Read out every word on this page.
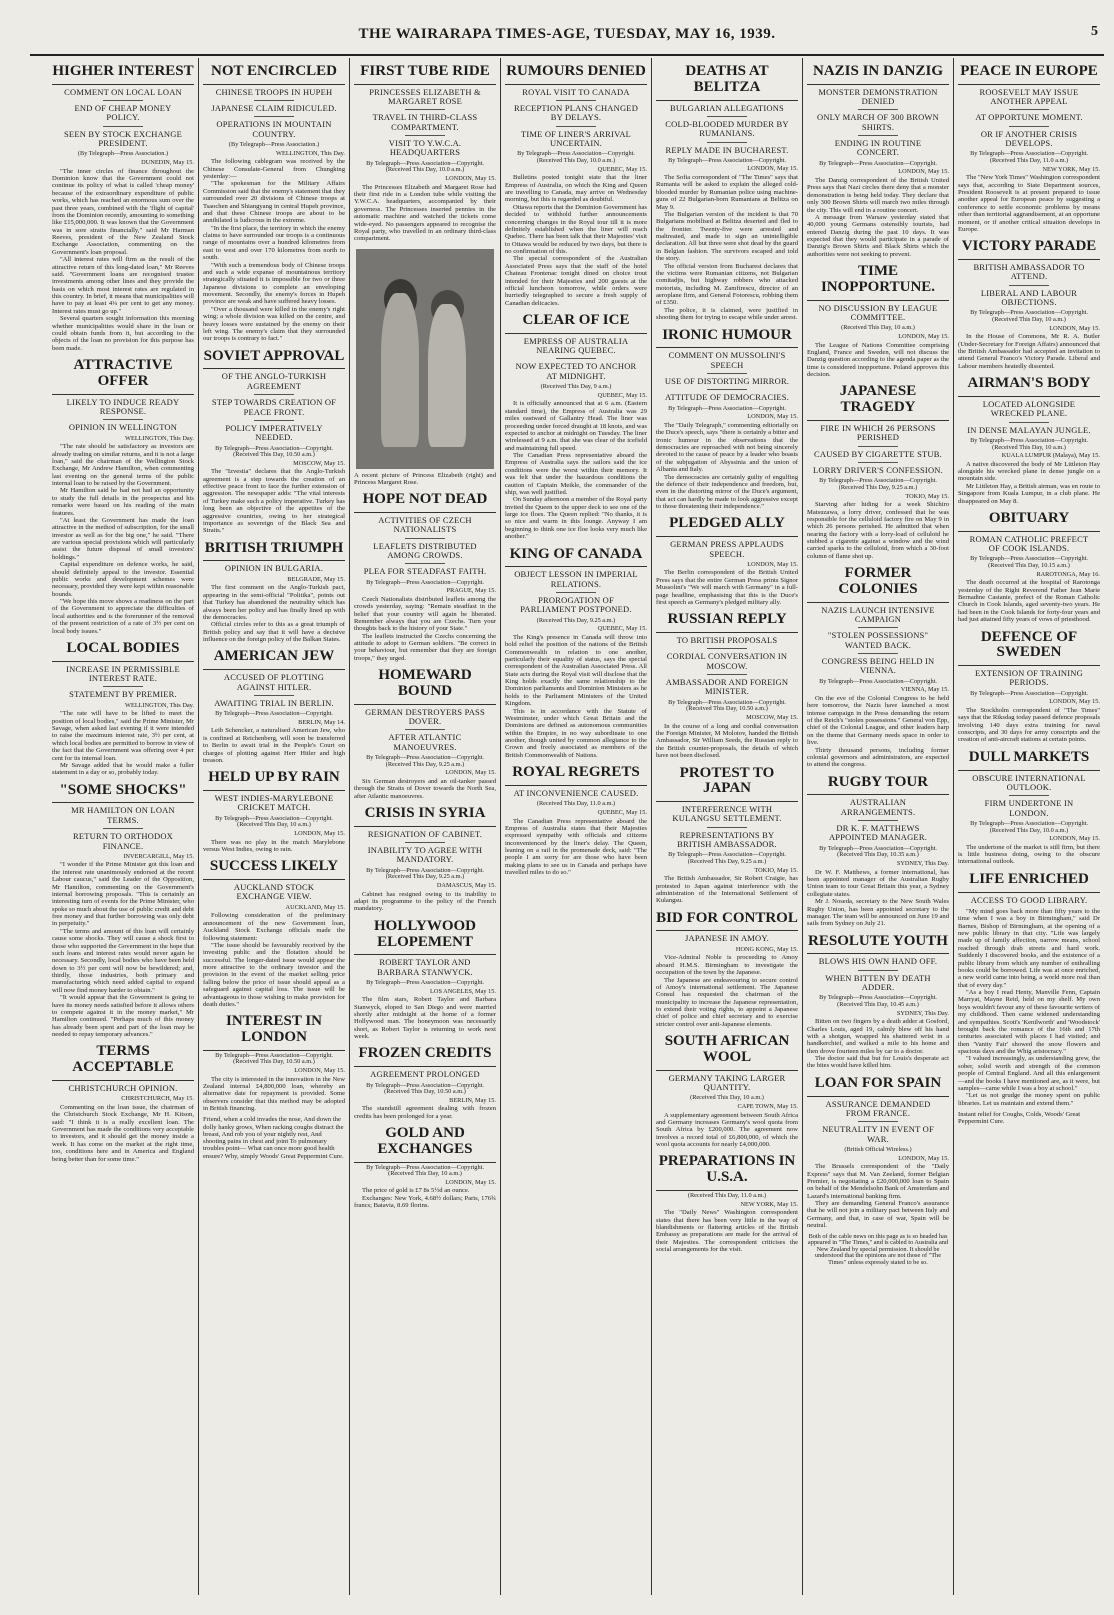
THE WAIRARAPA TIMES-AGE, TUESDAY, MAY 16, 1939.	5
HIGHER INTEREST
COMMENT ON LOCAL LOAN
END OF CHEAP MONEY POLICY.
SEEN BY STOCK EXCHANGE PRESIDENT.
(By Telegraph—Press Association.)
DUNEDIN, May 15.

"The inner circles of finance throughout the Dominion know that the Government could not continue its policy of what is called 'cheap money' because of the extraordinary expenditure of public works, which has reached an enormous sum over the past three years, combined with the 'flight of capital' from the Dominion recently, amounting to something like £15,000,000. It was known that the Government was in sore straits financially," said Mr Harman Reeves, president of the New Zealand Stock Exchange Association, commenting on the Government's loan proposal.

"All interest rates will firm as the result of the attractive return of this long-dated loan," Mr Reeves said. "Government loans are recognised trustee investments among other lines and they provide the basis on which most interest rates are regulated in this country. In brief, it means that municipalities will have to pay at least 4¼ per cent to get any money. Interest rates must go up."

Several quarters sought information this morning whether municipalities would share in the loan or could obtain funds from it, but according to the objects of the loan no provision for this purpose has been made.

ATTRACTIVE OFFER
LIKELY TO INDUCE READY RESPONSE.
OPINION IN WELLINGTON
WELLINGTON, This Day.

"The rate should be satisfactory as investors are already trading on similar returns, and it is not a large loan," said the chairman of the Wellington Stock Exchange, Mr Andrew Hamilton, when commenting last evening on the general terms of the public internal loan to be raised by the Government.

Mr Hamilton said he had not had an opportunity to study the full details in the prospectus and his remarks were based on his reading of the main features.

"At least the Government has made the loan attractive in the method of subscription, for the small investor as well as for the big one," he said. "There are various special provisions which will particularly assist the future disposal of small investors' holdings."

Capital expenditure on defence works, he said, should definitely appeal to the investor. Essential public works and development schemes were necessary, provided they were kept within reasonable bounds.

"We hope this move shows a readiness on the part of the Government to appreciate the difficulties of local authorities and is the forerunner of the removal of the present restriction of a rate of 3½ per cent on local body issues."

LOCAL BODIES
INCREASE IN PERMISSIBLE INTEREST RATE.
STATEMENT BY PREMIER.
WELLINGTON, This Day.

"The rate will have to be lifted to meet the position of local bodies," said the Prime Minister, Mr Savage, when asked last evening if it were intended to raise the maximum interest rate, 3½ per cent, at which local bodies are permitted to borrow in view of the fact that the Government was offering over 4 per cent for its internal loan.

Mr Savage added that he would make a fuller statement in a day or so, probably today.

"SOME SHOCKS"
MR HAMILTON ON LOAN TERMS.
RETURN TO ORTHODOX FINANCE.
INVERCARGILL, May 15.

"I wonder if the Prime Minister got this loan and the interest rate unanimously endorsed at the recent Labour caucus," said the Leader of the Opposition, Mr Hamilton, commenting on the Government's internal borrowing proposals. "This is certainly an interesting turn of events for the Prime Minister, who spoke so much about the use of public credit and debt free money and that further borrowing was only debt in perpetuity."

"The terms and amount of this loan will certainly cause some shocks. They will cause a shock first to those who supported the Government in the hope that such loans and interest rates would never again be necessary. Secondly, local bodies who have been held down to 3½ per cent will now be bewildered; and, thirdly, those industries, both primary and manufacturing which need added capital to expand will now find money harder to obtain."

"It would appear that the Government is going to have its money needs satisfied before it allows others to compete against it in the money market," Mr Hamilton continued. "Perhaps much of this money has already been spent and part of the loan may be needed to repay temporary advances."

TERMS ACCEPTABLE
CHRISTCHURCH OPINION.
CHRISTCHURCH, May 15.

Commenting on the loan issue, the chairman of the Christchurch Stock Exchange, Mr H. Kitson, said: "I think it is a really excellent loan. The Government has made the conditions very acceptable to investors, and it should get the money inside a week. It has come on the market at the right time, too, conditions here and in America and England being better than for some time."

NOT ENCIRCLED
CHINESE TROOPS IN HUPEH
JAPANESE CLAIM RIDICULED.
OPERATIONS IN MOUNTAIN COUNTRY.
(By Telegraph—Press Association.)
WELLINGTON, This Day.

The following cablegram was received by the Chinese Consulate-General from Chungking yesterday:—

"The spokesman for the Military Affairs Commission said that the enemy's statement that they surrounded over 20 divisions of Chinese troops at Tsaochen and Shiangyang in central Hupeh province, and that these Chinese troops are about to be annihilated is ludicrous in the extreme.

"In the first place, the territory in which the enemy claims to have surrounded our troops is a continuous range of mountains over a hundred kilometres from east to west and over 170 kilometres from north to south.

"With such a tremendous body of Chinese troops and such a wide expanse of mountainous territory strategically situated it is impossible for two or three Japanese divisions to complete an enveloping movement. Secondly, the enemy's forces in Hupeh province are weak and have suffered heavy losses.

"Over a thousand were killed in the enemy's right wing; a whole division was killed on the centre, and heavy losses were sustained by the enemy on their left wing. The enemy's claim that they surrounded our troops is contrary to fact."

SOVIET APPROVAL
OF THE ANGLO-TURKISH AGREEMENT
STEP TOWARDS CREATION OF PEACE FRONT.
POLICY IMPERATIVELY NEEDED.
By Telegraph—Press Association—Copyright. (Received This Day, 10.50 a.m.)
MOSCOW, May 15.

The "Izvestia" declares that the Anglo-Turkish agreement is a step towards the creation of an effective peace front to face the further extension of aggression. The newspaper adds: "The vital interests of Turkey make such a policy imperative. Turkey has long been an objective of the appetites of the aggressive countries, owing to her strategical importance as sovereign of the Black Sea and Straits."

BRITISH TRIUMPH
OPINION IN BULGARIA.
BELGRADE, May 15.

The first comment on the Anglo-Turkish pact, appearing in the semi-official "Politika", points out that Turkey has abandoned the neutrality which has always been her policy and has finally lined up with the democracies.

Official circles refer to this as a great triumph of British policy and say that it will have a decisive influence on the foreign policy of the Balkan States.

AMERICAN JEW
ACCUSED OF PLOTTING AGAINST HITLER.
AWAITING TRIAL IN BERLIN.
By Telegraph—Press Association—Copyright.
BERLIN, May 14.

Leib Schencker, a naturalised American Jew, who is confined at Reichenberg, will soon be transferred to Berlin to await trial in the People's Court on charges of plotting against Herr Hitler and high treason.

HELD UP BY RAIN
WEST INDIES-MARYLEBONE CRICKET MATCH.
By Telegraph—Press Association—Copyright. (Received This Day, 10 a.m.)
LONDON, May 15.

There was no play in the match Marylebone versus West Indies, owing to rain.

SUCCESS LIKELY
AUCKLAND STOCK EXCHANGE VIEW.
AUCKLAND, May 15.

Following consideration of the preliminary announcement of the new Government loan, Auckland Stock Exchange officials made the following statement:

"The issue should be favourably received by the investing public and the flotation should be successful. The longer-dated issue would appear the more attractive to the ordinary investor and the provision in the event of the market selling price falling below the price of issue should appeal as a safeguard against capital loss. The issue will be advantageous to those wishing to make provision for death duties."

INTEREST IN LONDON
By Telegraph—Press Association—Copyright. (Received This Day, 10.50 a.m.)
LONDON, May 15.

The city is interested in the innovation in the New Zealand internal £4,800,000 loan, whereby an alternative date for repayment is provided. Some observers consider that this method may be adopted in British financing.

Friend, when a cold invades the nose, And down the dolly hanky grows, When racking coughs distract the breast, And rob you of your nightly rest, And shooting pains in chest and joint To pulmonary troubles point— What can once more good health ensure? Why, simply Woods' Great Peppermint Cure.
FIRST TUBE RIDE
PRINCESSES ELIZABETH & MARGARET ROSE
TRAVEL IN THIRD-CLASS COMPARTMENT.
VISIT TO Y.W.C.A. HEADQUARTERS
By Telegraph—Press Association—Copyright. (Received This Day, 10.0 a.m.)
LONDON, May 15.

The Princesses Elizabeth and Margaret Rose had their first ride in a London tube while visiting the Y.W.C.A. headquarters, accompanied by their governess. The Princesses inserted pennies in the automatic machine and watched the tickets come wide-eyed. No passengers appeared to recognise the Royal party, who travelled in an ordinary third-class compartment.

A recent picture of Princess Elizabeth (right) and Princess Margaret Rose.
HOPE NOT DEAD
ACTIVITIES OF CZECH NATIONALISTS
LEAFLETS DISTRIBUTED AMONG CROWDS.
PLEA FOR STEADFAST FAITH.
By Telegraph—Press Association—Copyright.
PRAGUE, May 15.

Czech Nationalists distributed leaflets among the crowds yesterday, saying: "Remain steadfast in the belief that your country will again be liberated. Remember always that you are Czechs. Turn your thoughts back to the history of your State."

The leaflets instructed the Czechs concerning the attitude to adopt to German soldiers. "Be correct in your behaviour, but remember that they are foreign troops," they urged.

HOMEWARD BOUND
GERMAN DESTROYERS PASS DOVER.
AFTER ATLANTIC MANOEUVRES.
By Telegraph—Press Association—Copyright. (Received This Day, 9.25 a.m.)
LONDON, May 15.

Six German destroyers and an oil-tanker passed through the Straits of Dover towards the North Sea, after Atlantic manoeuvres.

CRISIS IN SYRIA
RESIGNATION OF CABINET.
INABILITY TO AGREE WITH MANDATORY.
By Telegraph—Press Association—Copyright. (Received This Day, 9.25 a.m.)
DAMASCUS, May 15.

Cabinet has resigned owing to its inability to adapt its programme to the policy of the French mandatory.

HOLLYWOOD ELOPEMENT
ROBERT TAYLOR AND BARBARA STANWYCK.
By Telegraph—Press Association—Copyright.
LOS ANGELES, May 15.

The film stars, Robert Taylor and Barbara Stanwyck, eloped to San Diego and were married shortly after midnight at the home of a former Hollywood man. The honeymoon was necessarily short, as Robert Taylor is returning to work next week.

FROZEN CREDITS
AGREEMENT PROLONGED
By Telegraph—Press Association—Copyright. (Received This Day, 10.50 a.m.)
BERLIN, May 15.

The standstill agreement dealing with frozen credits has been prolonged for a year.

GOLD AND EXCHANGES
By Telegraph—Press Association—Copyright. (Received This Day, 10 a.m.)
LONDON, May 15.

The price of gold is £7 8s 5½d an ounce.

Exchanges: New York, 4.68½ dollars; Paris, 176¾ francs; Batavia, 8.69 florins.

RUMOURS DENIED
ROYAL VISIT TO CANADA
RECEPTION PLANS CHANGED BY DELAYS.
TIME OF LINER'S ARRIVAL UNCERTAIN.
By Telegraph—Press Association—Copyright. (Received This Day, 10.0 a.m.)
QUEBEC, May 15.

Bulletins posted tonight state that the liner Empress of Australia, on which the King and Queen are travelling to Canada, may arrive on Wednesday morning, but this is regarded as doubtful.

Ottawa reports that the Dominion Government has decided to withhold further announcements concerning changes in the Royal tour till it is more definitely established when the liner will reach Quebec. There has been talk that their Majesties' visit to Ottawa would be reduced by two days, but there is no confirmation of this.

The special correspondent of the Australian Associated Press says that the staff of the hotel Chateau Frontenac tonight dined on choice trout intended for their Majesties and 200 guests at the official luncheon tomorrow, while orders were hurriedly telegraphed to secure a fresh supply of Canadian delicacies.

CLEAR OF ICE
EMPRESS OF AUSTRALIA NEARING QUEBEC.
NOW EXPECTED TO ANCHOR AT MIDNIGHT.
(Received This Day, 9 a.m.)
QUEBEC, May 15.

It is officially announced that at 6 a.m. (Eastern standard time), the Empress of Australia was 29 miles eastward of Gallantry Head. The liner was proceeding under forced draught at 18 knots, and was expected to anchor at midnight on Tuesday. The liner wirelessed at 9 a.m. that she was clear of the icefield and maintaining full speed.

The Canadian Press representative aboard the Empress of Australia says the sailors said the ice conditions were the worst within their memory. It was felt that under the hazardous conditions the caution of Captain Meikle, the commander of the ship, was well justified.

On Sunday afternoon a member of the Royal party invited the Queen to the upper deck to see one of the large ice floes. The Queen replied: "No thanks, it is so nice and warm in this lounge. Anyway I am beginning to think one ice floe looks very much like another."

KING OF CANADA
OBJECT LESSON IN IMPERIAL RELATIONS.
PROROGATION OF PARLIAMENT POSTPONED.
(Received This Day, 9.25 a.m.)
QUEBEC, May 15.

The King's presence in Canada will throw into bold relief the position of the nations of the British Commonwealth in relation to one another, particularly their equality of status, says the special correspondent of the Australian Associated Press. All State acts during the Royal visit will disclose that the King holds exactly the same relationship to the Dominion parliaments and Dominion Ministers as he holds to the Parliament Ministers of the United Kingdom.

This is in accordance with the Statute of Westminster, under which Great Britain and the Dominions are defined as autonomous communities within the Empire, in no way subordinate to one another, though united by common allegiance to the Crown and freely associated as members of the British Commonwealth of Nations.

ROYAL REGRETS
AT INCONVENIENCE CAUSED.
(Received This Day, 11.0 a.m.)
QUEBEC, May 15.

The Canadian Press representative aboard the Empress of Australia states that their Majesties expressed sympathy with officials and citizens inconvenienced by the liner's delay. The Queen, leaning on a rail in the promenade deck, said: "The people I am sorry for are those who have been making plans to see us in Canada and perhaps have travelled miles to do so."

DEATHS AT BELITZA
BULGARIAN ALLEGATIONS
COLD-BLOODED MURDER BY RUMANIANS.
REPLY MADE IN BUCHAREST.
By Telegraph—Press Association—Copyright.
LONDON, May 15.

The Sofia correspondent of "The Times" says that Rumania will be asked to explain the alleged cold-blooded murder by Rumanian police using machine-guns of 22 Bulgarian-born Rumanians at Belitza on May 9.

The Bulgarian version of the incident is that 70 Bulgarians mobilised at Belitza deserted and fled to the frontier. Twenty-five were arrested and maltreated, and made to sign an unintelligible declaration. All but three were shot dead by the guard in Belgian fashion. The survivors escaped and told the story.

The official version from Bucharest declares that the victims were Rumanian citizens, not Bulgarian comitadjis, but highway robbers who attacked motorists, including M. Zamfirescu, director of an aeroplane firm, and General Fotorescu, robbing them of £350.

The police, it is claimed, were justified in shooting them for trying to escape while under arrest.

IRONIC HUMOUR
COMMENT ON MUSSOLINI'S SPEECH
USE OF DISTORTING MIRROR.
ATTITUDE OF DEMOCRACIES.
By Telegraph—Press Association—Copyright.
LONDON, May 15.

The "Daily Telegraph," commenting editorially on the Duce's speech, says "there is certainly a bitter and ironic humour in the observations that the democracies are reproached with not being sincerely devoted to the cause of peace by a leader who boasts of the subjugation of Abyssinia and the union of Albania and Italy.

The democracies are certainly guilty of engulfing the defence of their independence and freedom, but, even in the distorting mirror of the Duce's argument, that act can hardly be made to look aggressive except to those threatening their independence."

PLEDGED ALLY
GERMAN PRESS APPLAUDS SPEECH.
LONDON, May 15.

The Berlin correspondent of the British United Press says that the entire German Press prints Signor Mussolini's "We will march with Germany" in a full-page headline, emphasising that this is the Duce's first speech as Germany's pledged military ally.

RUSSIAN REPLY
TO BRITISH PROPOSALS
CORDIAL CONVERSATION IN MOSCOW.
AMBASSADOR AND FOREIGN MINISTER.
By Telegraph—Press Association—Copyright. (Received This Day, 10.50 a.m.)
MOSCOW, May 15.

In the course of a long and cordial conversation the Foreign Minister, M Molotov, handed the British Ambassador, Sir William Seeds, the Russian reply to the British counter-proposals, the details of which have not been disclosed.

PROTEST TO JAPAN
INTERFERENCE WITH KULANGSU SETTLEMENT.
REPRESENTATIONS BY BRITISH AMBASSADOR.
By Telegraph—Press Association—Copyright. (Received This Day, 9.25 a.m.)
TOKIO, May 15.

The British Ambassador, Sir Robert Craigie, has protested to Japan against interference with the administration of the International Settlement of Kulangsu.

BID FOR CONTROL
JAPANESE IN AMOY.
HONG KONG, May 15.

Vice-Admiral Noble is proceeding to Amoy aboard H.M.S. Birmingham to investigate the occupation of the town by the Japanese.

The Japanese are endeavouring to secure control of Amoy's international settlement. The Japanese Consul has requested the chairman of the municipality to increase the Japanese representation, to extend their voting rights, to appoint a Japanese chief of police and chief secretary and to exercise stricter control over anti-Japanese elements.

SOUTH AFRICAN WOOL
GERMANY TAKING LARGER QUANTITY.
(Received This Day, 10 a.m.)
CAPE TOWN, May 15.

A supplementary agreement between South Africa and Germany increases Germany's wool quota from South Africa by £200,000. The agreement now involves a record total of £6,800,000, of which the wool quota accounts for nearly £4,000,000.

PREPARATIONS IN U.S.A.
(Received This Day, 11.0 a.m.)
NEW YORK, May 15.

The "Daily News" Washington correspondent states that there has been very little in the way of blandishments or flattering articles of the British Embassy as preparations are made for the arrival of their Majesties. The correspondent criticises the social arrangements for the visit.

NAZIS IN DANZIG
MONSTER DEMONSTRATION DENIED
ONLY MARCH OF 300 BROWN SHIRTS.
ENDING IN ROUTINE CONCERT.
By Telegraph—Press Association—Copyright.
LONDON, May 15.

The Danzig correspondent of the British United Press says that Nazi circles there deny that a monster demonstration is being held today. They declare that only 300 Brown Shirts will march two miles through the city. This will end in a routine concert.

A message from Warsaw yesterday stated that 40,000 young Germans ostensibly tourists, had entered Danzig during the past 10 days. It was expected that they would participate in a parade of Danzig's Brown Shirts and Black Shirts which the authorities were not seeking to prevent.

TIME INOPPORTUNE.
NO DISCUSSION BY LEAGUE COMMITTEE.
(Received This Day, 10 a.m.)
LONDON, May 15.

The League of Nations Committee comprising England, France and Sweden, will not discuss the Danzig question according to the agenda paper as the time is considered inopportune. Poland approves this decision.

JAPANESE TRAGEDY
FIRE IN WHICH 26 PERSONS PERISHED
CAUSED BY CIGARETTE STUB.
LORRY DRIVER'S CONFESSION.
By Telegraph—Press Association—Copyright. (Received This Day, 9.25 a.m.)
TOKIO, May 15.

Starving after hiding for a week Shichiro Matsuzawa, a lorry driver, confessed that he was responsible for the celluloid factory fire on May 9 in which 26 persons perished. He admitted that when nearing the factory with a lorry-load of celluloid he stubbed a cigarette against a window and the wind carried sparks to the celluloid, from which a 30-foot column of flame shot up.

FORMER COLONIES
NAZIS LAUNCH INTENSIVE CAMPAIGN
"STOLEN POSSESSIONS" WANTED BACK.
CONGRESS BEING HELD IN VIENNA.
By Telegraph—Press Association—Copyright.
VIENNA, May 15.

On the eve of the Colonial Congress to be held here tomorrow, the Nazis have launched a most intense campaign in the Press demanding the return of the Reich's "stolen possessions." General von Epp, chief of the Colonial League, and other leaders harp on the theme that Germany needs space in order to live.

Thirty thousand persons, including former colonial governors and administrators, are expected to attend the congress.

RUGBY TOUR
AUSTRALIAN ARRANGEMENTS.
DR K. F. MATTHEWS APPOINTED MANAGER.
By Telegraph—Press Association—Copyright. (Received This Day, 10.35 a.m.)
SYDNEY, This Day.

Dr W. F. Matthews, a former international, has been appointed manager of the Australian Rugby Union team to tour Great Britain this year, a Sydney collegiate states.

Mr J. Noseda, secretary to the New South Wales Rugby Union, has been appointed secretary to the manager. The team will be announced on June 19 and sails from Sydney on July 21.

RESOLUTE YOUTH
BLOWS HIS OWN HAND OFF.
WHEN BITTEN BY DEATH ADDER.
By Telegraph—Press Association—Copyright. (Received This Day, 10.45 a.m.)
SYDNEY, This Day.

Bitten on two fingers by a death adder at Gosford, Charles Louis, aged 19, calmly blew off his hand with a shotgun, wrapped his shattered wrist in a handkerchief, and walked a mile to his home and then drove fourteen miles by car to a doctor.

The doctor said that but for Louis's desperate act the bites would have killed him.

LOAN FOR SPAIN
ASSURANCE DEMANDED FROM FRANCE.
NEUTRALITY IN EVENT OF WAR.
(British Official Wireless.)
LONDON, May 15.

The Brussels correspondent of the "Daily Express" says that M. Van Zeeland, former Belgian Premier, is negotiating a £20,000,000 loan to Spain on behalf of the Mendelsohn Bank of Amsterdam and Lazard's international banking firm.

They are demanding General Franco's assurance that he will not join a military pact between Italy and Germany, and that, in case of war, Spain will be neutral.

Both of the cable news on this page as is so headed has appeared in "The Times," and is cabled to Australia and New Zealand by special permission. It should be understood that the opinions are not those of "The Times" unless expressly stated to be so.
PEACE IN EUROPE
ROOSEVELT MAY ISSUE ANOTHER APPEAL
AT OPPORTUNE MOMENT.
OR IF ANOTHER CRISIS DEVELOPS.
By Telegraph—Press Association—Copyright. (Received This Day, 11.0 a.m.)
NEW YORK, May 15.

The "New York Times" Washington correspondent says that, according to State Department sources, President Roosevelt is at present prepared to issue another appeal for European peace by suggesting a conference to settle economic problems by means other than territorial aggrandisement, at an opportune moment, or if another critical situation develops in Europe.

VICTORY PARADE
BRITISH AMBASSADOR TO ATTEND.
LIBERAL AND LABOUR OBJECTIONS.
By Telegraph—Press Association—Copyright. (Received This Day, 10 a.m.)
LONDON, May 15.

In the House of Commons, Mr R. A. Butler (Under-Secretary for Foreign Affairs) announced that the British Ambassador had accepted an invitation to attend General Franco's Victory Parade. Liberal and Labour members heatedly dissented.

AIRMAN'S BODY
LOCATED ALONGSIDE WRECKED PLANE.
IN DENSE MALAYAN JUNGLE.
By Telegraph—Press Association—Copyright. (Received This Day, 10 a.m.)
KUALA LUMPUR (Malaya), May 15.

A native discovered the body of Mr Littleton Hay alongside his wrecked plane in dense jungle on a mountain side.

Mr Littleton Hay, a British airman, was en route to Singapore from Kuala Lumpur, in a club plane. He disappeared on May 8.

OBITUARY
ROMAN CATHOLIC PREFECT OF COOK ISLANDS.
By Telegraph—Press Association—Copyright. (Received This Day, 10.15 a.m.)
RAROTONGA, May 16.

The death occurred at the hospital of Rarotonga yesterday of the Right Reverend Father Jean Marie Bernadine Castanie, prefect of the Roman Catholic Church in Cook Islands, aged seventy-two years. He had been in the Cook Islands for forty-four years and had just attained fifty years of vows of priesthood.

DEFENCE OF SWEDEN
EXTENSION OF TRAINING PERIODS.
By Telegraph—Press Association—Copyright.
LONDON, May 15.

The Stockholm correspondent of "The Times" says that the Riksdag today passed defence proposals involving 140 days extra training for naval conscripts, and 30 days for army conscripts and the creation of anti-aircraft stations at certain points.

DULL MARKETS
OBSCURE INTERNATIONAL OUTLOOK.
FIRM UNDERTONE IN LONDON.
By Telegraph—Press Association—Copyright. (Received This Day, 10.0 a.m.)
LONDON, May 15.

The undertone of the market is still firm, but there is little business doing, owing to the obscure international outlook.

LIFE ENRICHED
ACCESS TO GOOD LIBRARY.

"My mind goes back more than fifty years to the time when I was a boy in Birmingham," said Dr Barnes, Bishop of Birmingham, at the opening of a new public library in that city. "Life was largely made up of family affection, narrow means, school reached through drab streets and hard work. Suddenly I discovered books, and the existence of a public library from which any number of enthralling books could be borrowed. Life was at once enriched, a new world came into being, a world more real than that of every day."

"As a boy I read Henty, Manville Fenn, Captain Marryat, Mayne Reid, held on my shelf. My own boys wouldn't favour any of these favourite writers of my childhood. Then came widened understanding and sympathies. Scott's 'Kenilworth' and 'Woodstock' brought back the romance of the 16th and 17th centuries associated with places I had visited; and then 'Vanity Fair' showed the snow flowers and spacious days and the Whig aristocracy."

"I valued increasingly, as understanding grew, the sober, solid worth and strength of the common people of Central England. And all this enlargement—and the books I have mentioned are, as it were, but samples—came while I was a boy at school."

"Let us not grudge the money spent on public libraries. Let us maintain and extend them."

Instant relief for Coughs, Colds, Woods' Great Peppermint Cure.
